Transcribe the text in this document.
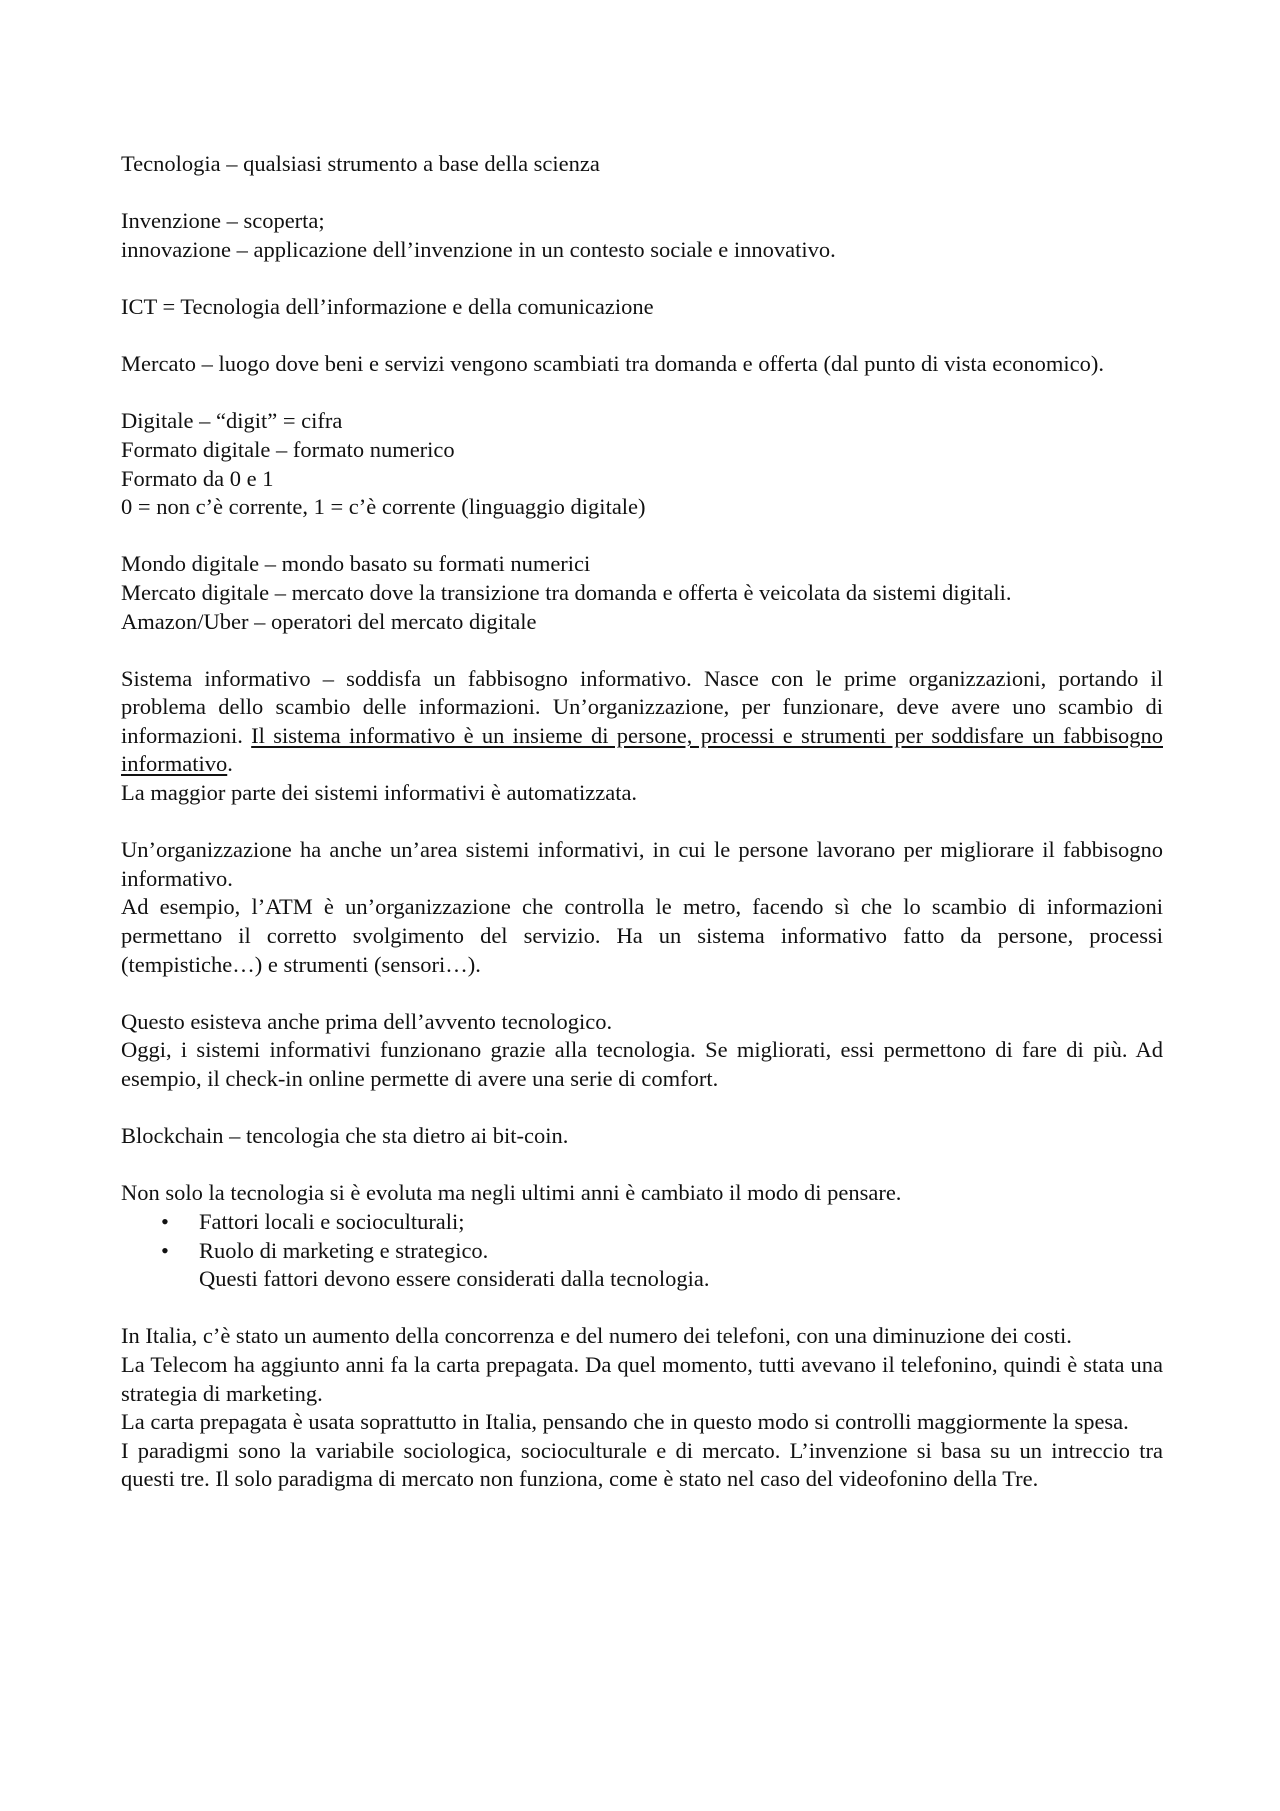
Tecnologia – qualsiasi strumento a base della scienza

Invenzione – scoperta;

innovazione – applicazione dell’invenzione in un contesto sociale e innovativo.

ICT = Tecnologia dell’informazione e della comunicazione

Mercato – luogo dove beni e servizi vengono scambiati tra domanda e offerta (dal punto di vista economico).

Digitale – “digit” = cifra

Formato digitale – formato numerico

Formato da 0 e 1

0 = non c’è corrente, 1 = c’è corrente (linguaggio digitale)

Mondo digitale – mondo basato su formati numerici

Mercato digitale – mercato dove la transizione tra domanda e offerta è veicolata da sistemi digitali.

Amazon/Uber – operatori del mercato digitale

Sistema informativo – soddisfa un fabbisogno informativo. Nasce con le prime organizzazioni, portando il problema dello scambio delle informazioni. Un’organizzazione, per funzionare, deve avere uno scambio di informazioni. Il sistema informativo è un insieme di persone, processi e strumenti per soddisfare un fabbisogno informativo.

La maggior parte dei sistemi informativi è automatizzata.

Un’organizzazione ha anche un’area sistemi informativi, in cui le persone lavorano per migliorare il fabbisogno informativo.

Ad esempio, l’ATM è un’organizzazione che controlla le metro, facendo sì che lo scambio di informazioni permettano il corretto svolgimento del servizio. Ha un sistema informativo fatto da persone, processi (tempistiche…) e strumenti (sensori…).

Questo esisteva anche prima dell’avvento tecnologico.

Oggi, i sistemi informativi funzionano grazie alla tecnologia. Se migliorati, essi permettono di fare di più. Ad esempio, il check-in online permette di avere una serie di comfort.

Blockchain – tencologia che sta dietro ai bit-coin.

Non solo la tecnologia si è evoluta ma negli ultimi anni è cambiato il modo di pensare.

• Fattori locali e socioculturali;
• Ruolo di marketing e strategico.

Questi fattori devono essere considerati dalla tecnologia.

In Italia, c’è stato un aumento della concorrenza e del numero dei telefoni, con una diminuzione dei costi.

La Telecom ha aggiunto anni fa la carta prepagata. Da quel momento, tutti avevano il telefonino, quindi è stata una strategia di marketing.

La carta prepagata è usata soprattutto in Italia, pensando che in questo modo si controlli maggiormente la spesa.

I paradigmi sono la variabile sociologica, socioculturale e di mercato. L’invenzione si basa su un intreccio tra questi tre. Il solo paradigma di mercato non funziona, come è stato nel caso del videofonino della Tre.
